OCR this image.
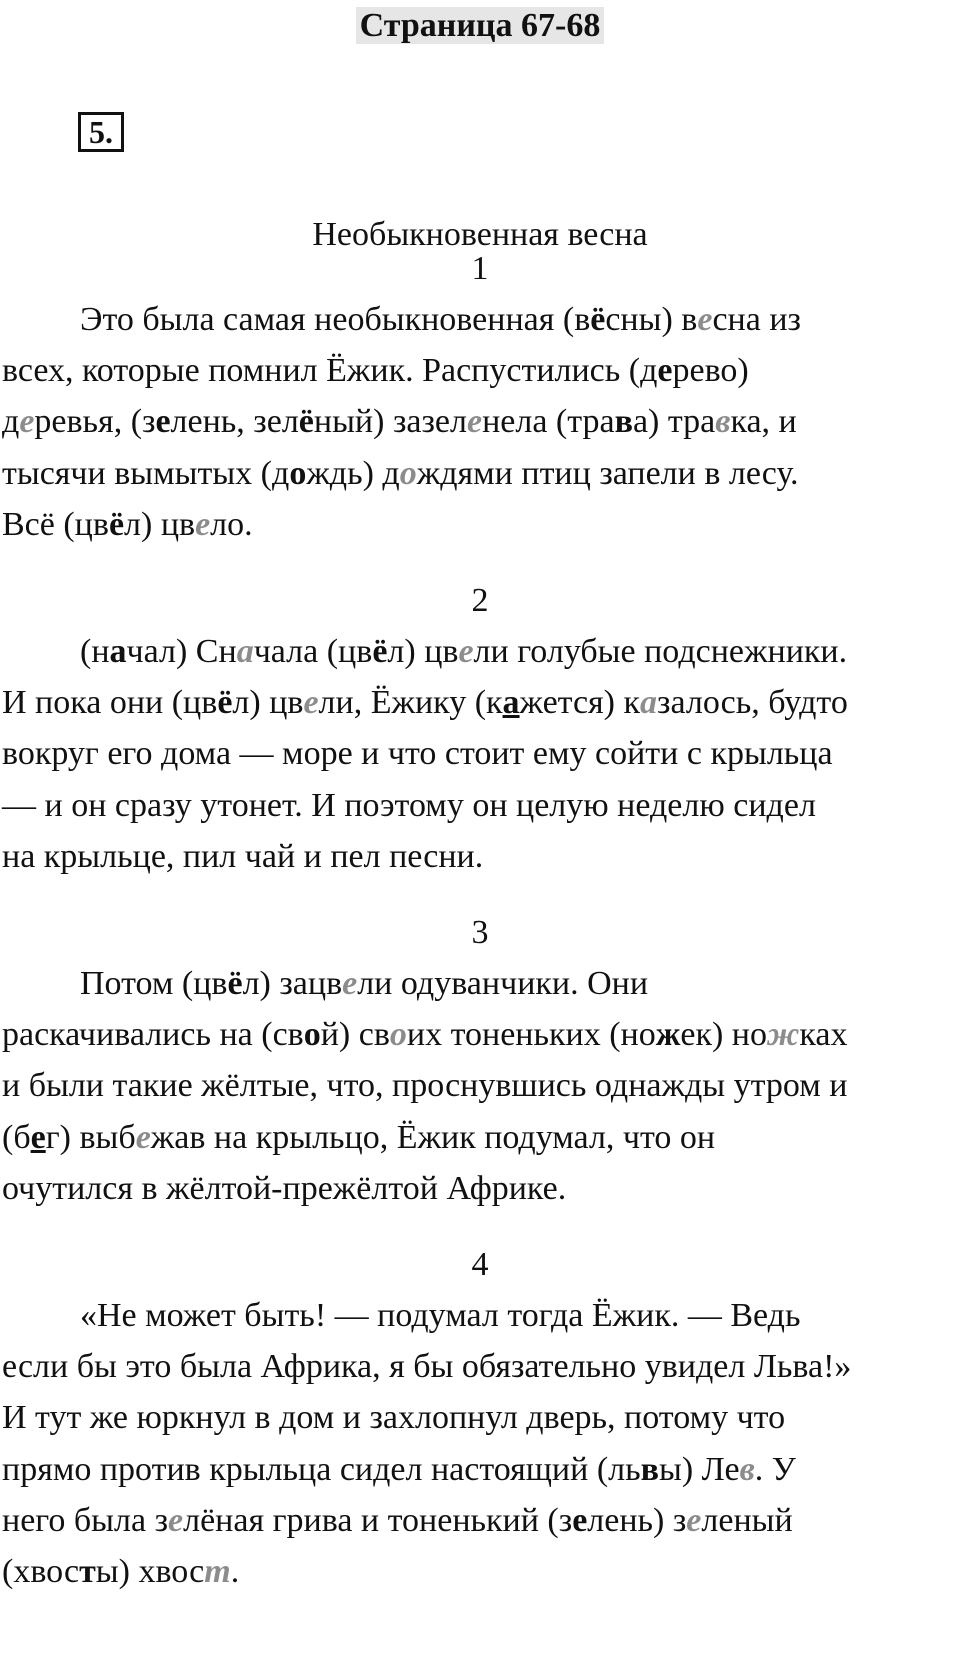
Страница 67-68
5.
Необыкновенная весна
1

Это была самая необыкновенная (вёсны) весна из
всех, которые помнил Ёжик. Распустились (дерево)
деревья, (зелень, зелёный) зазеленела (трава) травка, и
тысячи вымытых (дождь) дождями птиц запели в лесу.
Всё (цвёл) цвело.

2

(начал) Сначала (цвёл) цвели голубые подснежники.
И пока они (цвёл) цвели, Ёжику (кажется) казалось, будто
вокруг его дома — море и что стоит ему сойти с крыльца
— и он сразу утонет. И поэтому он целую неделю сидел
на крыльце, пил чай и пел песни.

3

Потом (цвёл) зацвели одуванчики. Они
раскачивались на (свой) своих тоненьких (ножек) ножках
и были такие жёлтые, что, проснувшись однажды утром и
(бег) выбежав на крыльцо, Ёжик подумал, что он
очутился в жёлтой-прежёлтой Африке.

4

«Не может быть! — подумал тогда Ёжик. — Ведь
если бы это была Африка, я бы обязательно увидел Льва!»
И тут же юркнул в дом и захлопнул дверь, потому что
прямо против крыльца сидел настоящий (львы) Лев. У
него была зелёная грива и тоненький (зелень) зеленый
(хвосты) хвост.
